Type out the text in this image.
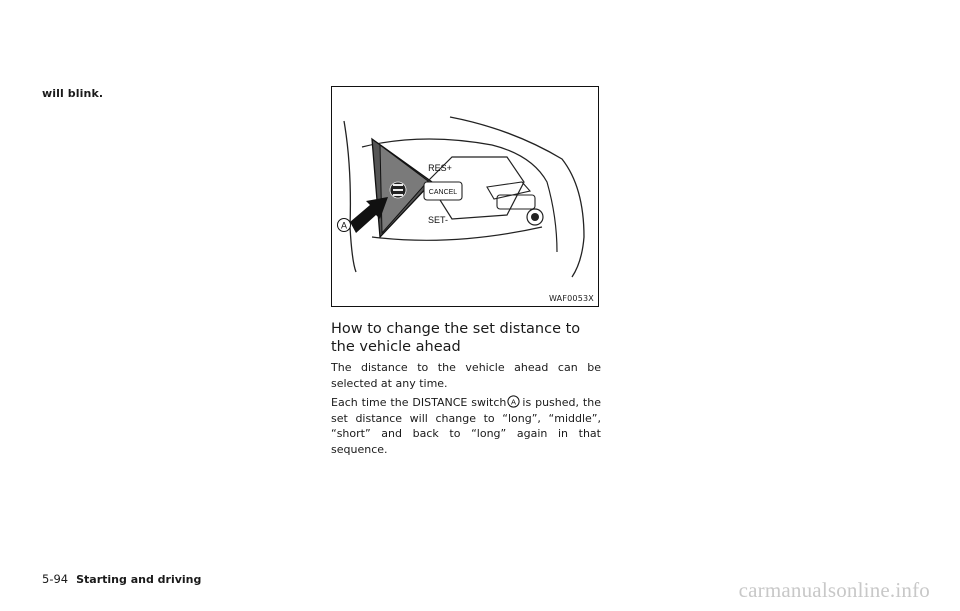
will blink.
CANCEL
RES+
SET-
A
WAF0053X
How to change the set distance to the vehicle ahead

The distance to the vehicle ahead can be selected at any time.

Each time the DISTANCE switch A is pushed, the set distance will change to “long”, “middle”, “short” and back to “long” again in that sequence.

5-94 Starting and driving	carmanualsonline.info
